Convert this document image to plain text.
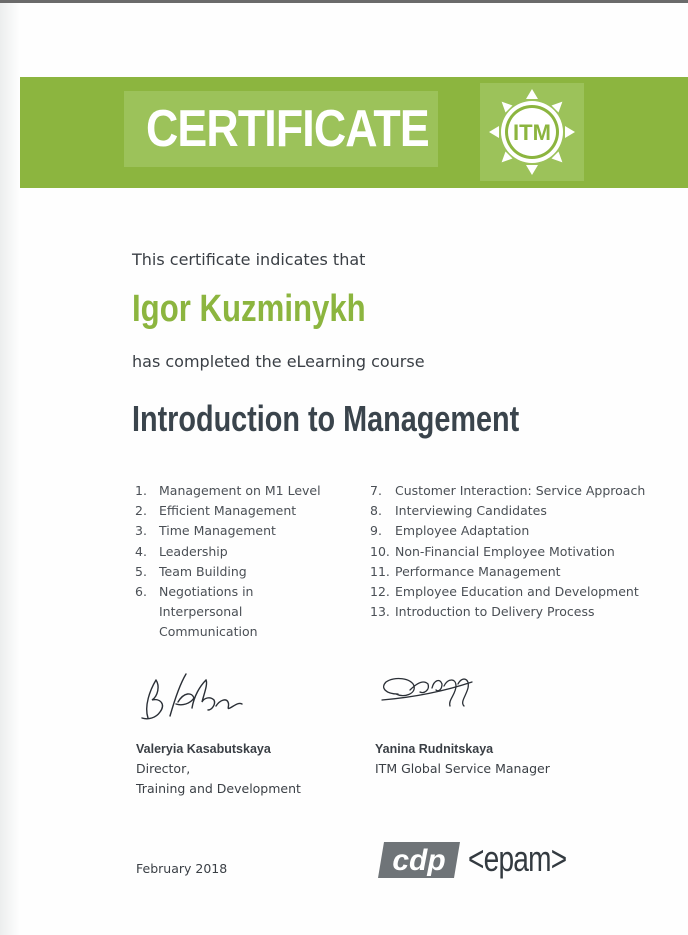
CERTIFICATE	ITM
This certificate indicates that
Igor Kuzminykh
has completed the eLearning course
Introduction to Management
1. Management on M1 Level
2. Efficient Management
3. Time Management
4. Leadership
5. Team Building
6. Negotiations in Interpersonal Communication
7. Customer Interaction: Service Approach
8. Interviewing Candidates
9. Employee Adaptation
10. Non-Financial Employee Motivation
11. Performance Management
12. Employee Education and Development
13. Introduction to Delivery Process
Valeryia Kasabutskaya
Director,
Training and Development
Yanina Rudnitskaya
ITM Global Service Manager
February 2018	cdp <epam>
